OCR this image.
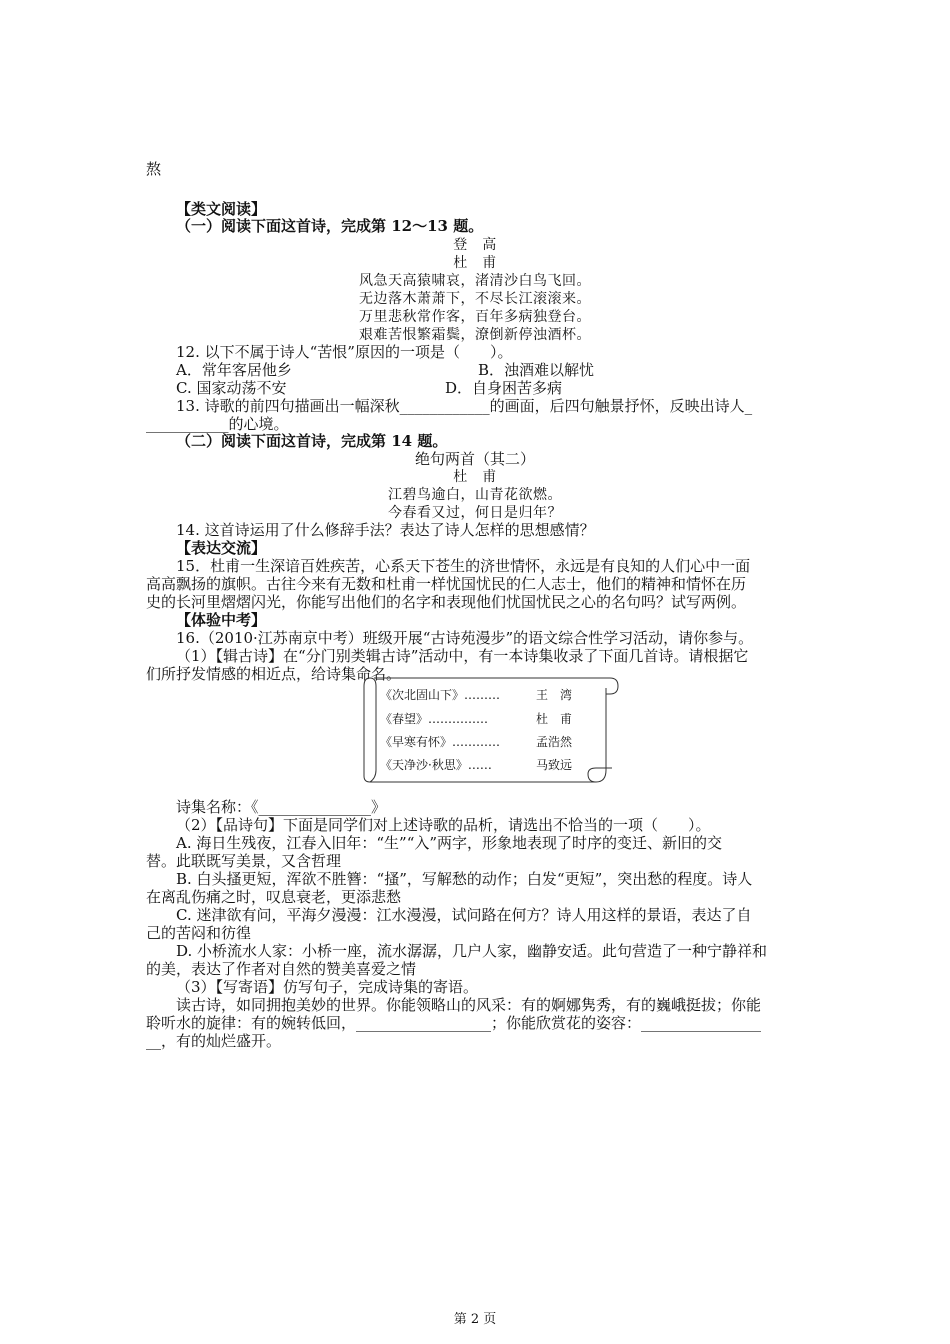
熬
【类文阅读】
（一）阅读下面这首诗，完成第 12～13 题。
登　高
杜　甫
风急天高猿啸哀，渚清沙白鸟飞回。
无边落木萧萧下，不尽长江滚滚来。
万里悲秋常作客，百年多病独登台。
艰难苦恨繁霜鬓，潦倒新停浊酒杯。
12. 以下不属于诗人“苦恨”原因的一项是（　　）。
A．常年客居他乡	B．浊酒难以解忧
C. 国家动荡不安	D．自身困苦多病
13. 诗歌的前四句描画出一幅深秋____________的画面，后四句触景抒怀，反映出诗人_
___________的心境。
（二）阅读下面这首诗，完成第 14 题。
绝句两首（其二）
杜　甫
江碧鸟逾白，山青花欲燃。
今春看又过，何日是归年？
14. 这首诗运用了什么修辞手法？表达了诗人怎样的思想感情？
【表达交流】
15．杜甫一生深谙百姓疾苦，心系天下苍生的济世情怀，永远是有良知的人们心中一面
高高飘扬的旗帜。古往今来有无数和杜甫一样忧国忧民的仁人志士，他们的精神和情怀在历
史的长河里熠熠闪光，你能写出他们的名字和表现他们忧国忧民之心的名句吗？试写两例。
【体验中考】
16.（2010·江苏南京中考）班级开展“古诗苑漫步”的语文综合性学习活动，请你参与。
（1）【辑古诗】在“分门别类辑古诗”活动中，有一本诗集收录了下面几首诗。请根据它
们所抒发情感的相近点，给诗集命名。
《次北固山下》………	王　湾
《春望》……………	杜　甫
《早寒有怀》…………	孟浩然
《天净沙·秋思》……	马致远
诗集名称：《_______________》
（2）【品诗句】下面是同学们对上述诗歌的品析，请选出不恰当的一项（　　）。
A. 海日生残夜，江春入旧年：“生”“入”两字，形象地表现了时序的变迁、新旧的交
替。此联既写美景，又含哲理
B. 白头搔更短，浑欲不胜簪：“搔”，写解愁的动作；白发“更短”，突出愁的程度。诗人
在离乱伤痛之时，叹息衰老，更添悲愁
C. 迷津欲有问，平海夕漫漫：江水漫漫，试问路在何方？诗人用这样的景语，表达了自
己的苦闷和彷徨
D. 小桥流水人家：小桥一座，流水潺潺，几户人家，幽静安适。此句营造了一种宁静祥和
的美，表达了作者对自然的赞美喜爱之情
（3）【写寄语】仿写句子，完成诗集的寄语。
读古诗，如同拥抱美妙的世界。你能领略山的风采：有的婀娜隽秀，有的巍峨挺拔；你能
聆听水的旋律：有的婉转低回，__________________；你能欣赏花的姿容：________________
__，有的灿烂盛开。
第 2 页
